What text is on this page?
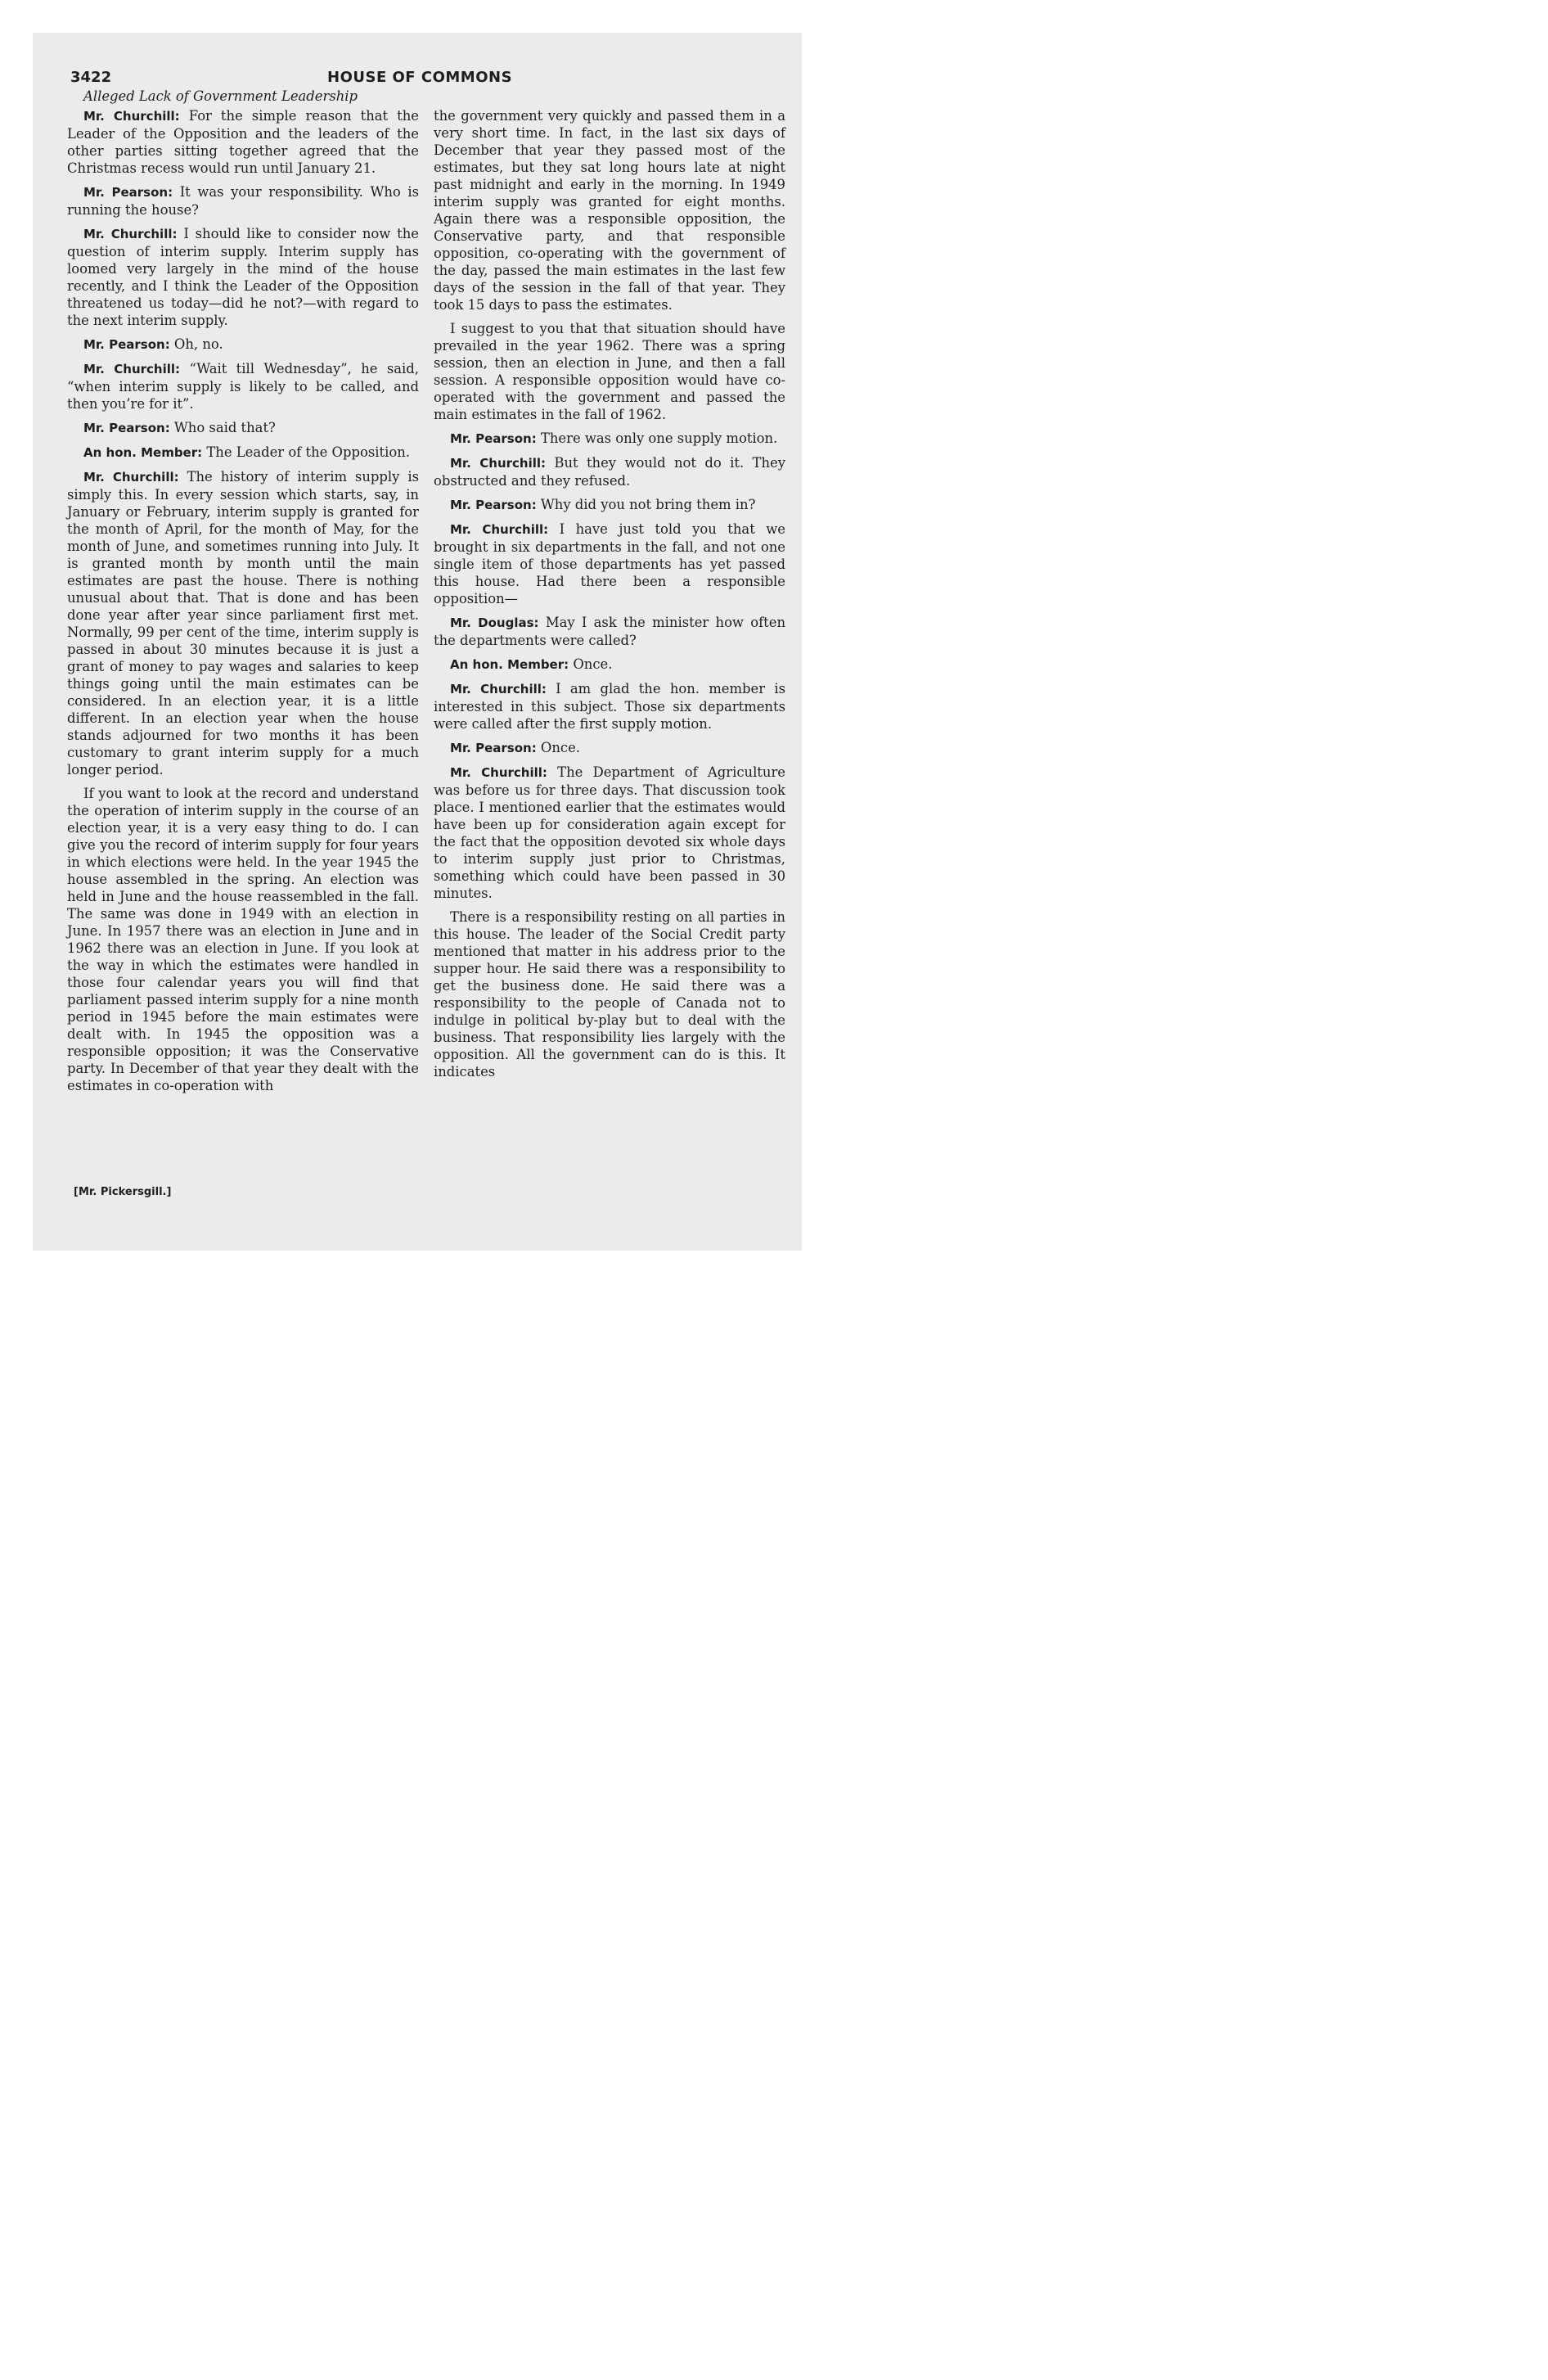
3422	HOUSE OF COMMONS
Alleged Lack of Government Leadership

Mr. Churchill: For the simple reason that the Leader of the Opposition and the leaders of the other parties sitting together agreed that the Christmas recess would run until January 21.

Mr. Pearson: It was your responsibility. Who is running the house?

Mr. Churchill: I should like to consider now the question of interim supply. Interim supply has loomed very largely in the mind of the house recently, and I think the Leader of the Opposition threatened us today—did he not?—with regard to the next interim supply.

Mr. Pearson: Oh, no.

Mr. Churchill: “Wait till Wednesday”, he said, “when interim supply is likely to be called, and then you’re for it”.

Mr. Pearson: Who said that?

An hon. Member: The Leader of the Opposition.

Mr. Churchill: The history of interim supply is simply this. In every session which starts, say, in January or February, interim supply is granted for the month of April, for the month of May, for the month of June, and sometimes running into July. It is granted month by month until the main estimates are past the house. There is nothing unusual about that. That is done and has been done year after year since parliament first met. Normally, 99 per cent of the time, interim supply is passed in about 30 minutes because it is just a grant of money to pay wages and salaries to keep things going until the main estimates can be considered. In an election year, it is a little different. In an election year when the house stands adjourned for two months it has been customary to grant interim supply for a much longer period.

If you want to look at the record and understand the operation of interim supply in the course of an election year, it is a very easy thing to do. I can give you the record of interim supply for four years in which elections were held. In the year 1945 the house assembled in the spring. An election was held in June and the house reassembled in the fall. The same was done in 1949 with an election in June. In 1957 there was an election in June and in 1962 there was an election in June. If you look at the way in which the estimates were handled in those four calendar years you will find that parliament passed interim supply for a nine month period in 1945 before the main estimates were dealt with. In 1945 the opposition was a responsible opposition; it was the Conservative party. In December of that year they dealt with the estimates in co-operation with

the government very quickly and passed them in a very short time. In fact, in the last six days of December that year they passed most of the estimates, but they sat long hours late at night past midnight and early in the morning. In 1949 interim supply was granted for eight months. Again there was a responsible opposition, the Conservative party, and that responsible opposition, co-operating with the government of the day, passed the main estimates in the last few days of the session in the fall of that year. They took 15 days to pass the estimates.

I suggest to you that that situation should have prevailed in the year 1962. There was a spring session, then an election in June, and then a fall session. A responsible opposition would have co-operated with the government and passed the main estimates in the fall of 1962.

Mr. Pearson: There was only one supply motion.

Mr. Churchill: But they would not do it. They obstructed and they refused.

Mr. Pearson: Why did you not bring them in?

Mr. Churchill: I have just told you that we brought in six departments in the fall, and not one single item of those departments has yet passed this house. Had there been a responsible opposition—

Mr. Douglas: May I ask the minister how often the departments were called?

An hon. Member: Once.

Mr. Churchill: I am glad the hon. member is interested in this subject. Those six departments were called after the first supply motion.

Mr. Pearson: Once.

Mr. Churchill: The Department of Agriculture was before us for three days. That discussion took place. I mentioned earlier that the estimates would have been up for consideration again except for the fact that the opposition devoted six whole days to interim supply just prior to Christmas, something which could have been passed in 30 minutes.

There is a responsibility resting on all parties in this house. The leader of the Social Credit party mentioned that matter in his address prior to the supper hour. He said there was a responsibility to get the business done. He said there was a responsibility to the people of Canada not to indulge in political by-play but to deal with the business. That responsibility lies largely with the opposition. All the government can do is this. It indicates

[Mr. Pickersgill.]
